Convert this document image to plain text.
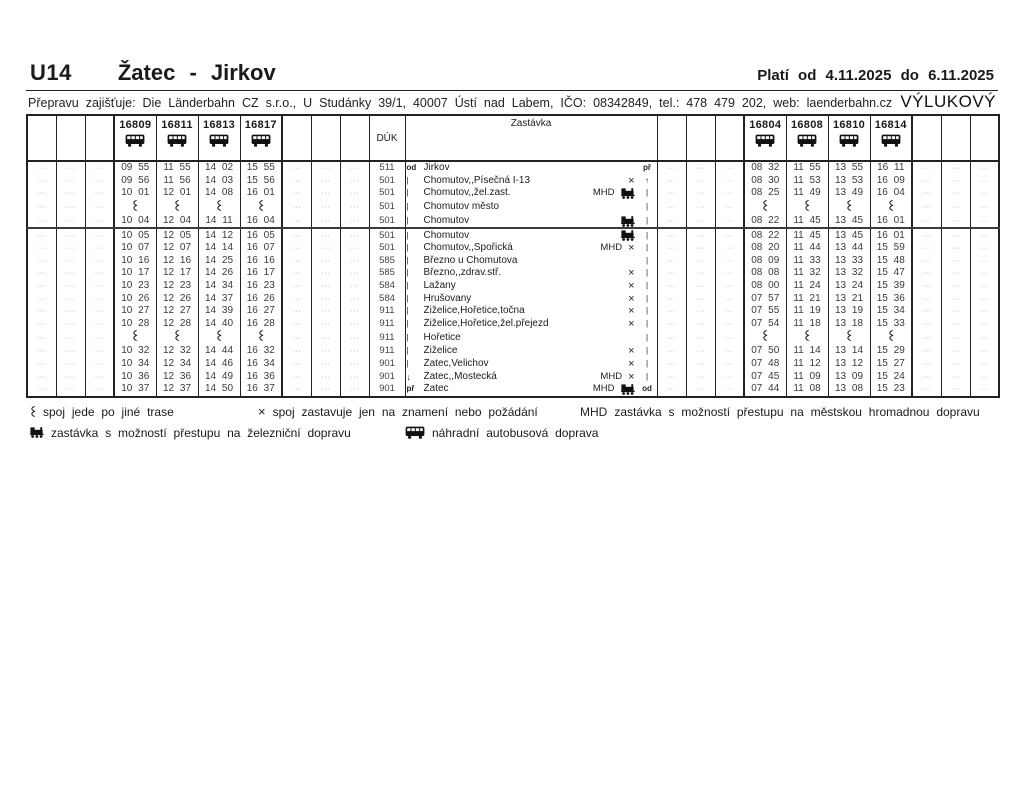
U14 Žatec - Jirkov	Platí od 4.11.2025 do 6.11.2025
Přepravu zajišťuje: Die Länderbahn CZ s.r.o., U Studánky 39/1, 40007 Ústí nad Labem, IČO: 08342849, tel.: 478 479 202, web: laenderbahn.cz VÝLUKOVÝ

			16809	16811	16813	16817				DÚK	Zastávka				16804	16808	16810	16814			

···	···	···	09 55	11 55	14 02	15 55	···	···	···	511	od Jirkov př	···	···	···	08 32	11 55	13 55	16 11	···	···	···
···	···	···	09 56	11 56	14 03	15 56	···	···	···	501	| Chomutov,,Písečná I-13 × ↑	···	···	···	08 30	11 53	13 53	16 09	···	···	···
···	···	···	10 01	12 01	14 08	16 01	···	···	···	501	| Chomutov,,žel.zast. MHD |	···	···	···	08 25	11 49	13 49	16 04	···	···	···
···	···	···					···	···	···	501	| Chomutov město |	···	···	···					···	···	···
···	···	···	10 04	12 04	14 11	16 04	···	···	···	501	| Chomutov |	···	···	···	08 22	11 45	13 45	16 01	···	···	···
···	···	···	10 05	12 05	14 12	16 05	···	···	···	501	| Chomutov |	···	···	···	08 22	11 45	13 45	16 01	···	···	···
···	···	···	10 07	12 07	14 14	16 07	···	···	···	501	| Chomutov,,Spořická MHD × |	···	···	···	08 20	11 44	13 44	15 59	···	···	···
···	···	···	10 16	12 16	14 25	16 16	···	···	···	585	| Březno u Chomutova |	···	···	···	08 09	11 33	13 33	15 48	···	···	···
···	···	···	10 17	12 17	14 26	16 17	···	···	···	585	| Březno,,zdrav.stř. × |	···	···	···	08 08	11 32	13 32	15 47	···	···	···
···	···	···	10 23	12 23	14 34	16 23	···	···	···	584	| Lažany × |	···	···	···	08 00	11 24	13 24	15 39	···	···	···
···	···	···	10 26	12 26	14 37	16 26	···	···	···	584	| Hrušovany × |	···	···	···	07 57	11 21	13 21	15 36	···	···	···
···	···	···	10 27	12 27	14 39	16 27	···	···	···	911	| Žiželice,Hořetice,točna × |	···	···	···	07 55	11 19	13 19	15 34	···	···	···
···	···	···	10 28	12 28	14 40	16 28	···	···	···	911	| Žiželice,Hořetice,žel.přejezd × |	···	···	···	07 54	11 18	13 18	15 33	···	···	···
···	···	···					···	···	···	911	| Hořetice |	···	···	···					···	···	···
···	···	···	10 32	12 32	14 44	16 32	···	···	···	911	| Žiželice × |	···	···	···	07 50	11 14	13 14	15 29	···	···	···
···	···	···	10 34	12 34	14 46	16 34	···	···	···	901	| Žatec,Velichov × |	···	···	···	07 48	11 12	13 12	15 27	···	···	···
···	···	···	10 36	12 36	14 49	16 36	···	···	···	901	↓ Žatec,,Mostecká MHD × |	···	···	···	07 45	11 09	13 09	15 24	···	···	···
···	···	···	10 37	12 37	14 50	16 37	···	···	···	901	př Žatec MHD od	···	···	···	07 44	11 08	13 08	15 23	···	···	···
spoj jede po jiné trase	× spoj zastavuje jen na znamení nebo požádání	MHD zastávka s možností přestupu na městskou hromadnou dopravu
zastávka s možností přestupu na železniční dopravu	náhradní autobusová doprava
